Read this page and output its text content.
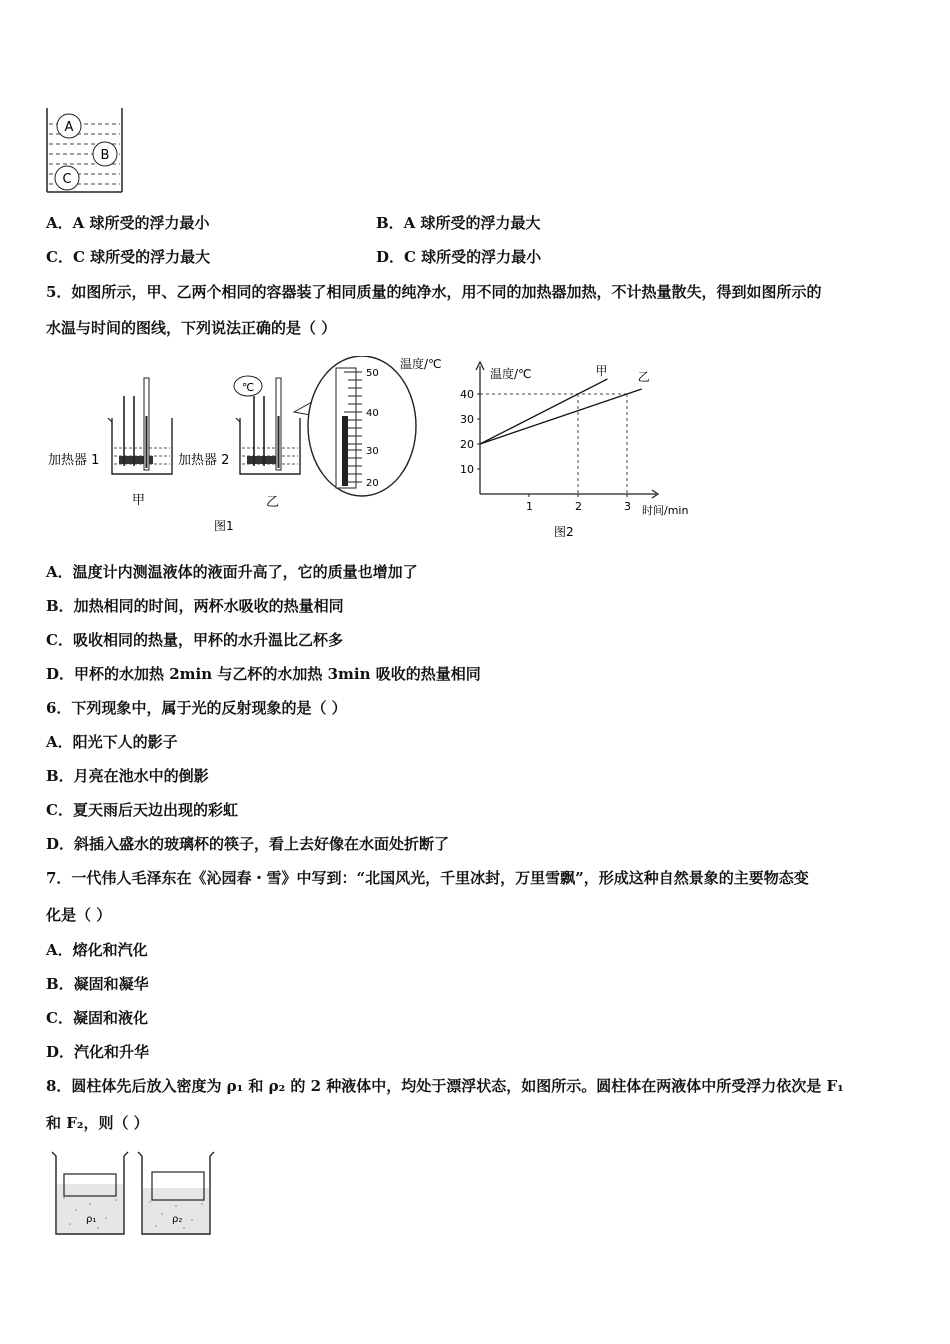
A
B
C
A．A 球所受的浮力最小	B．A 球所受的浮力最大
C．C 球所受的浮力最大	D．C 球所受的浮力最小
5．如图所示，甲、乙两个相同的容器装了相同质量的纯净水，用不同的加热器加热，不计热量散失，得到如图所示的
水温与时间的图线，下列说法正确的是（ ）
加热器 1
甲
℃
加热器 2
乙
图1
50
40
30
20
温度/℃
40
30
20
10
1	2	3
甲	乙
温度/℃
时间/min
图2
A．温度计内测温液体的液面升高了，它的质量也增加了
B．加热相同的时间，两杯水吸收的热量相同
C．吸收相同的热量，甲杯的水升温比乙杯多
D．甲杯的水加热 2min 与乙杯的水加热 3min 吸收的热量相同
6．下列现象中，属于光的反射现象的是（ ）
A．阳光下人的影子
B．月亮在池水中的倒影
C．夏天雨后天边出现的彩虹
D．斜插入盛水的玻璃杯的筷子，看上去好像在水面处折断了
7．一代伟人毛泽东在《沁园春・雪》中写到：“北国风光，千里冰封，万里雪飘”，形成这种自然景象的主要物态变
化是（ ）
A．熔化和汽化
B．凝固和凝华
C．凝固和液化
D．汽化和升华
8．圆柱体先后放入密度为 ρ₁ 和 ρ₂ 的 2 种液体中，均处于漂浮状态，如图所示。圆柱体在两液体中所受浮力依次是 F₁
和 F₂，则（ ）
ρ₁	ρ₂
